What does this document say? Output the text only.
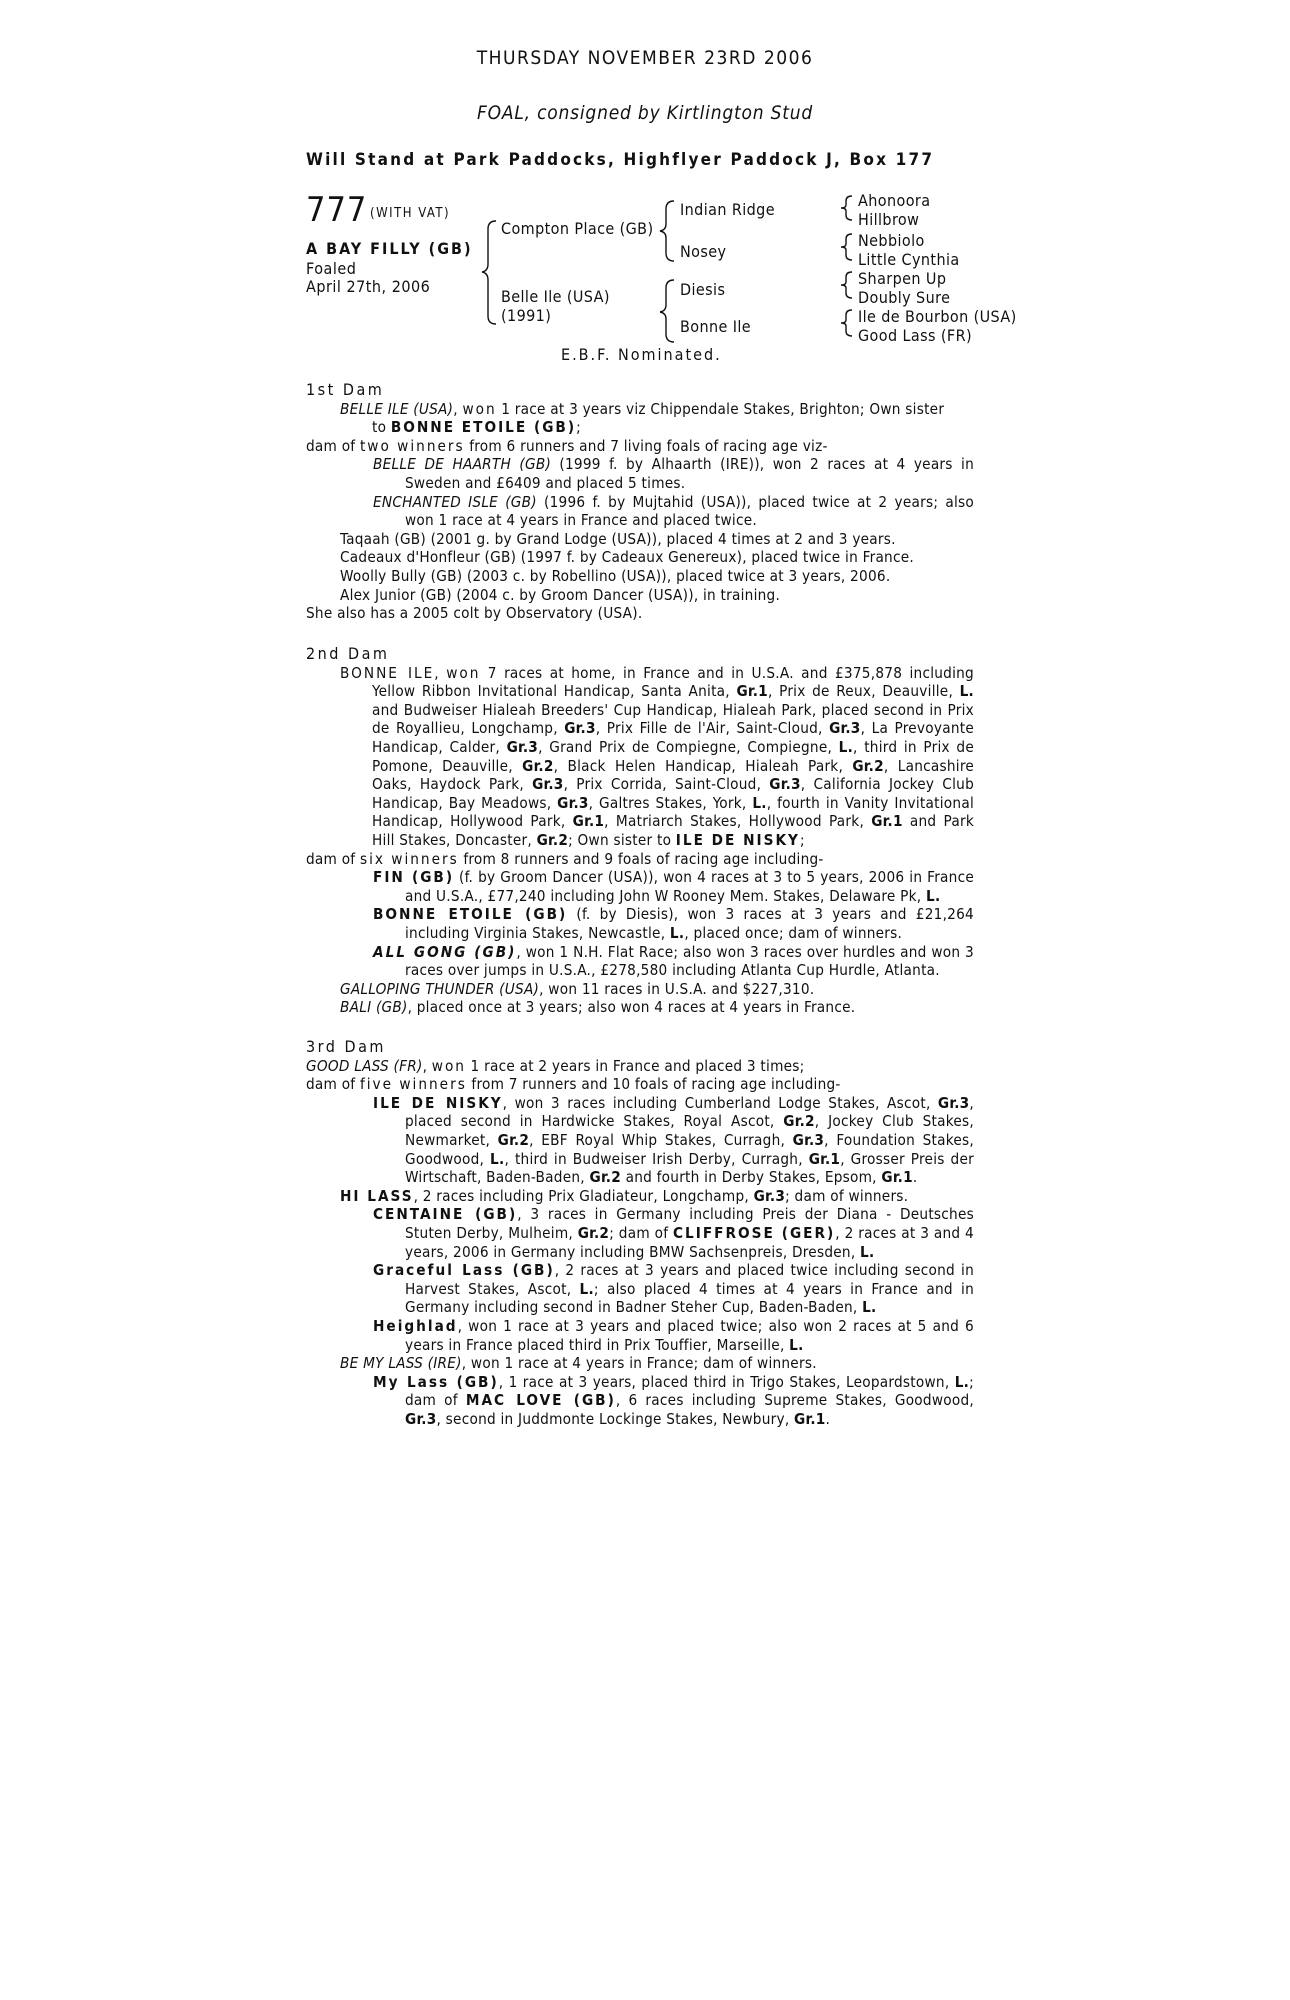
THURSDAY NOVEMBER 23RD 2006
FOAL, consigned by Kirtlington Stud
Will Stand at Park Paddocks, Highflyer Paddock J, Box 177
777 (WITH VAT)
A BAY FILLY (GB)
Foaled
April 27th, 2006
Compton Place (GB)
Belle Ile (USA)
(1991)
Indian Ridge
Nosey
Diesis
Bonne Ile
Ahonoora
Hillbrow
Nebbiolo
Little Cynthia
Sharpen Up
Doubly Sure
Ile de Bourbon (USA)
Good Lass (FR)
E.B.F. Nominated.

1st Dam

BELLE ILE (USA), won 1 race at 3 years viz Chippendale Stakes, Brighton; Own sister
to BONNE ETOILE (GB);

dam of two winners from 6 runners and 7 living foals of racing age viz-

BELLE DE HAARTH (GB) (1999 f. by Alhaarth (IRE)), won 2 races at 4 years in Sweden and £6409 and placed 5 times.

ENCHANTED ISLE (GB) (1996 f. by Mujtahid (USA)), placed twice at 2 years; also won 1 race at 4 years in France and placed twice.

Taqaah (GB) (2001 g. by Grand Lodge (USA)), placed 4 times at 2 and 3 years.

Cadeaux d'Honfleur (GB) (1997 f. by Cadeaux Genereux), placed twice in France.

Woolly Bully (GB) (2003 c. by Robellino (USA)), placed twice at 3 years, 2006.

Alex Junior (GB) (2004 c. by Groom Dancer (USA)), in training.

She also has a 2005 colt by Observatory (USA).

2nd Dam

BONNE ILE, won 7 races at home, in France and in U.S.A. and £375,878 including Yellow Ribbon Invitational Handicap, Santa Anita, Gr.1, Prix de Reux, Deauville, L. and Budweiser Hialeah Breeders' Cup Handicap, Hialeah Park, placed second in Prix de Royallieu, Longchamp, Gr.3, Prix Fille de l'Air, Saint-Cloud, Gr.3, La Prevoyante Handicap, Calder, Gr.3, Grand Prix de Compiegne, Compiegne, L., third in Prix de Pomone, Deauville, Gr.2, Black Helen Handicap, Hialeah Park, Gr.2, Lancashire Oaks, Haydock Park, Gr.3, Prix Corrida, Saint-Cloud, Gr.3, California Jockey Club Handicap, Bay Meadows, Gr.3, Galtres Stakes, York, L., fourth in Vanity Invitational Handicap, Hollywood Park, Gr.1, Matriarch Stakes, Hollywood Park, Gr.1 and Park Hill Stakes, Doncaster, Gr.2; Own sister to ILE DE NISKY;

dam of six winners from 8 runners and 9 foals of racing age including-

FIN (GB) (f. by Groom Dancer (USA)), won 4 races at 3 to 5 years, 2006 in France and U.S.A., £77,240 including John W Rooney Mem. Stakes, Delaware Pk, L.

BONNE ETOILE (GB) (f. by Diesis), won 3 races at 3 years and £21,264 including Virginia Stakes, Newcastle, L., placed once; dam of winners.

ALL GONG (GB), won 1 N.H. Flat Race; also won 3 races over hurdles and won 3 races over jumps in U.S.A., £278,580 including Atlanta Cup Hurdle, Atlanta.

GALLOPING THUNDER (USA), won 11 races in U.S.A. and $227,310.

BALI (GB), placed once at 3 years; also won 4 races at 4 years in France.

3rd Dam

GOOD LASS (FR), won 1 race at 2 years in France and placed 3 times;

dam of five winners from 7 runners and 10 foals of racing age including-

ILE DE NISKY, won 3 races including Cumberland Lodge Stakes, Ascot, Gr.3, placed second in Hardwicke Stakes, Royal Ascot, Gr.2, Jockey Club Stakes, Newmarket, Gr.2, EBF Royal Whip Stakes, Curragh, Gr.3, Foundation Stakes, Goodwood, L., third in Budweiser Irish Derby, Curragh, Gr.1, Grosser Preis der Wirtschaft, Baden-Baden, Gr.2 and fourth in Derby Stakes, Epsom, Gr.1.

HI LASS, 2 races including Prix Gladiateur, Longchamp, Gr.3; dam of winners.

CENTAINE (GB), 3 races in Germany including Preis der Diana - Deutsches Stuten Derby, Mulheim, Gr.2; dam of CLIFFROSE (GER), 2 races at 3 and 4 years, 2006 in Germany including BMW Sachsenpreis, Dresden, L.

Graceful Lass (GB), 2 races at 3 years and placed twice including second in Harvest Stakes, Ascot, L.; also placed 4 times at 4 years in France and in Germany including second in Badner Steher Cup, Baden-Baden, L.

Heighlad, won 1 race at 3 years and placed twice; also won 2 races at 5 and 6 years in France placed third in Prix Touffier, Marseille, L.

BE MY LASS (IRE), won 1 race at 4 years in France; dam of winners.

My Lass (GB), 1 race at 3 years, placed third in Trigo Stakes, Leopardstown, L.; dam of MAC LOVE (GB), 6 races including Supreme Stakes, Goodwood, Gr.3, second in Juddmonte Lockinge Stakes, Newbury, Gr.1.
